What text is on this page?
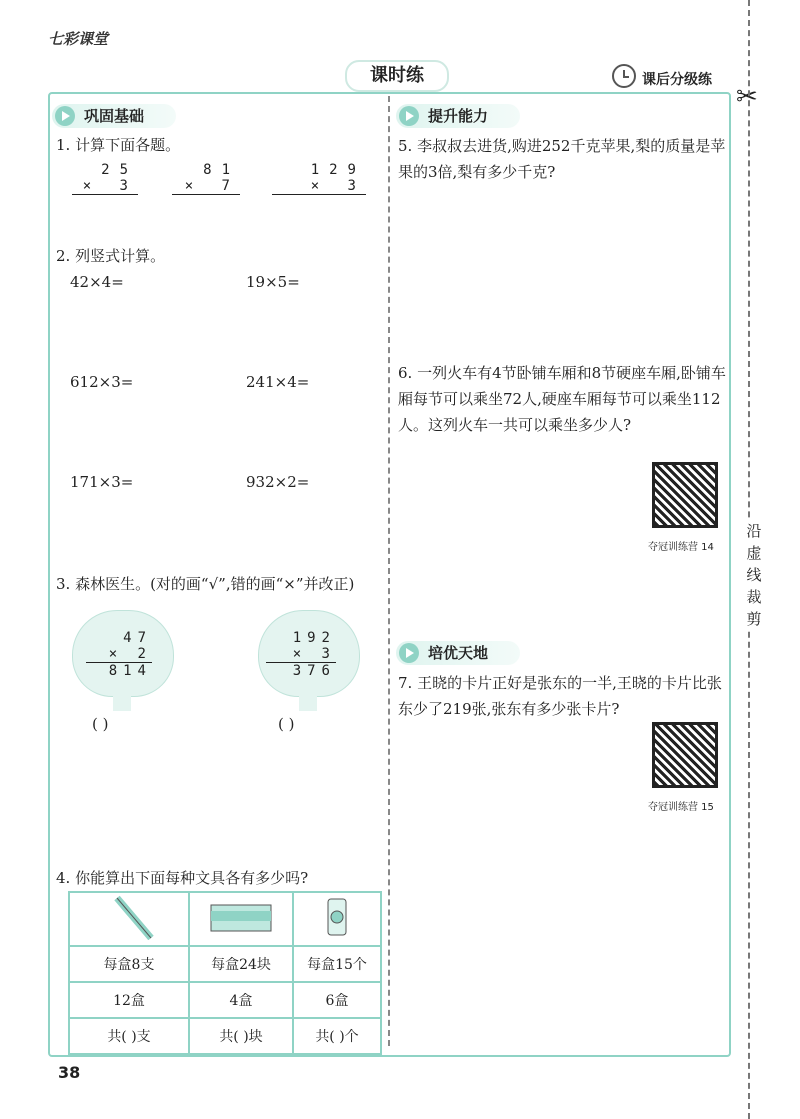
七彩课堂
课时练	课后分级练
✂
沿虚线裁剪
巩固基础
1. 计算下面各题。
25
× 3
81
× 7
129
× 3
2. 列竖式计算。
42×4=	19×5=
612×3=	241×4=
171×3=	932×2=
3. 森林医生。(对的画“√”,错的画“×”并改正)
47
× 2
814
( )
192
× 3
376
( )
4. 你能算出下面每种文具各有多少吗?

每盒8支	每盒24块	每盒15个
12盒	4盒	6盒
共( )支	共( )块	共( )个
提升能力
5. 李叔叔去进货,购进252千克苹果,梨的质量是苹果的3倍,梨有多少千克?
6. 一列火车有4节卧铺车厢和8节硬座车厢,卧铺车厢每节可以乘坐72人,硬座车厢每节可以乘坐112人。这列火车一共可以乘坐多少人?
夺冠训练营 14
培优天地
7. 王晓的卡片正好是张东的一半,王晓的卡片比张东少了219张,张东有多少张卡片?
夺冠训练营 15
38
